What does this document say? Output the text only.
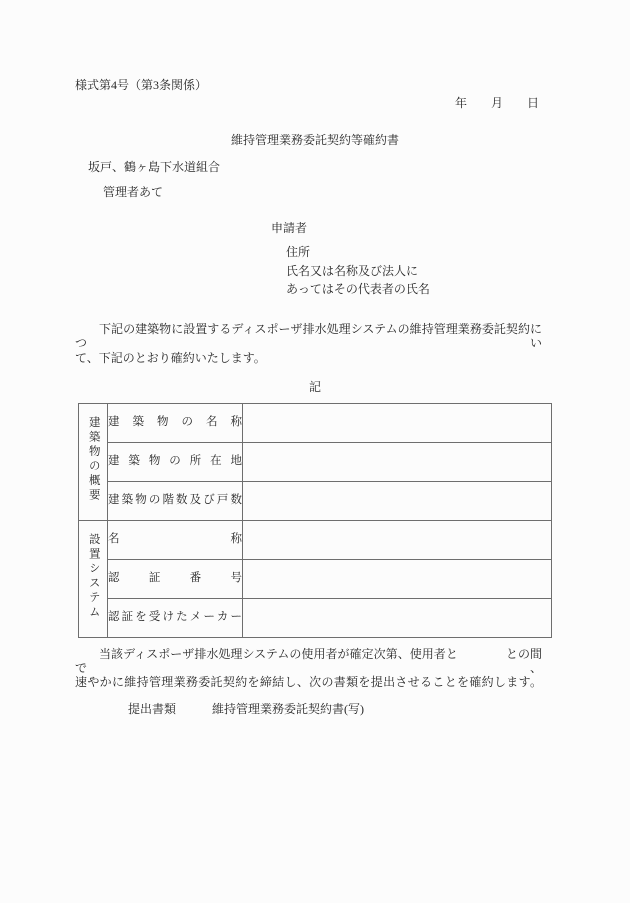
様式第4号（第3条関係）
年　　月　　日
維持管理業務委託契約等確約書
坂戸、鶴ヶ島下水道組合
管理者あて
申請者
住所
氏名又は名称及び法人に
あってはその代表者の氏名
下記の建築物に設置するディスポーザ排水処理システムの維持管理業務委託契約につい
て、下記のとおり確約いたします。
記
建築物の概要	建築物の名称	
	建築物の所在地	
	建築物の階数及び戸数	
設置システム	名称	
	認証番号	
	認証を受けたメーカー	
当該ディスポーザ排水処理システムの使用者が確定次第、使用者と	との間で、
速やかに維持管理業務委託契約を締結し、次の書類を提出させることを確約します。
提出書類	維持管理業務委託契約書(写)
